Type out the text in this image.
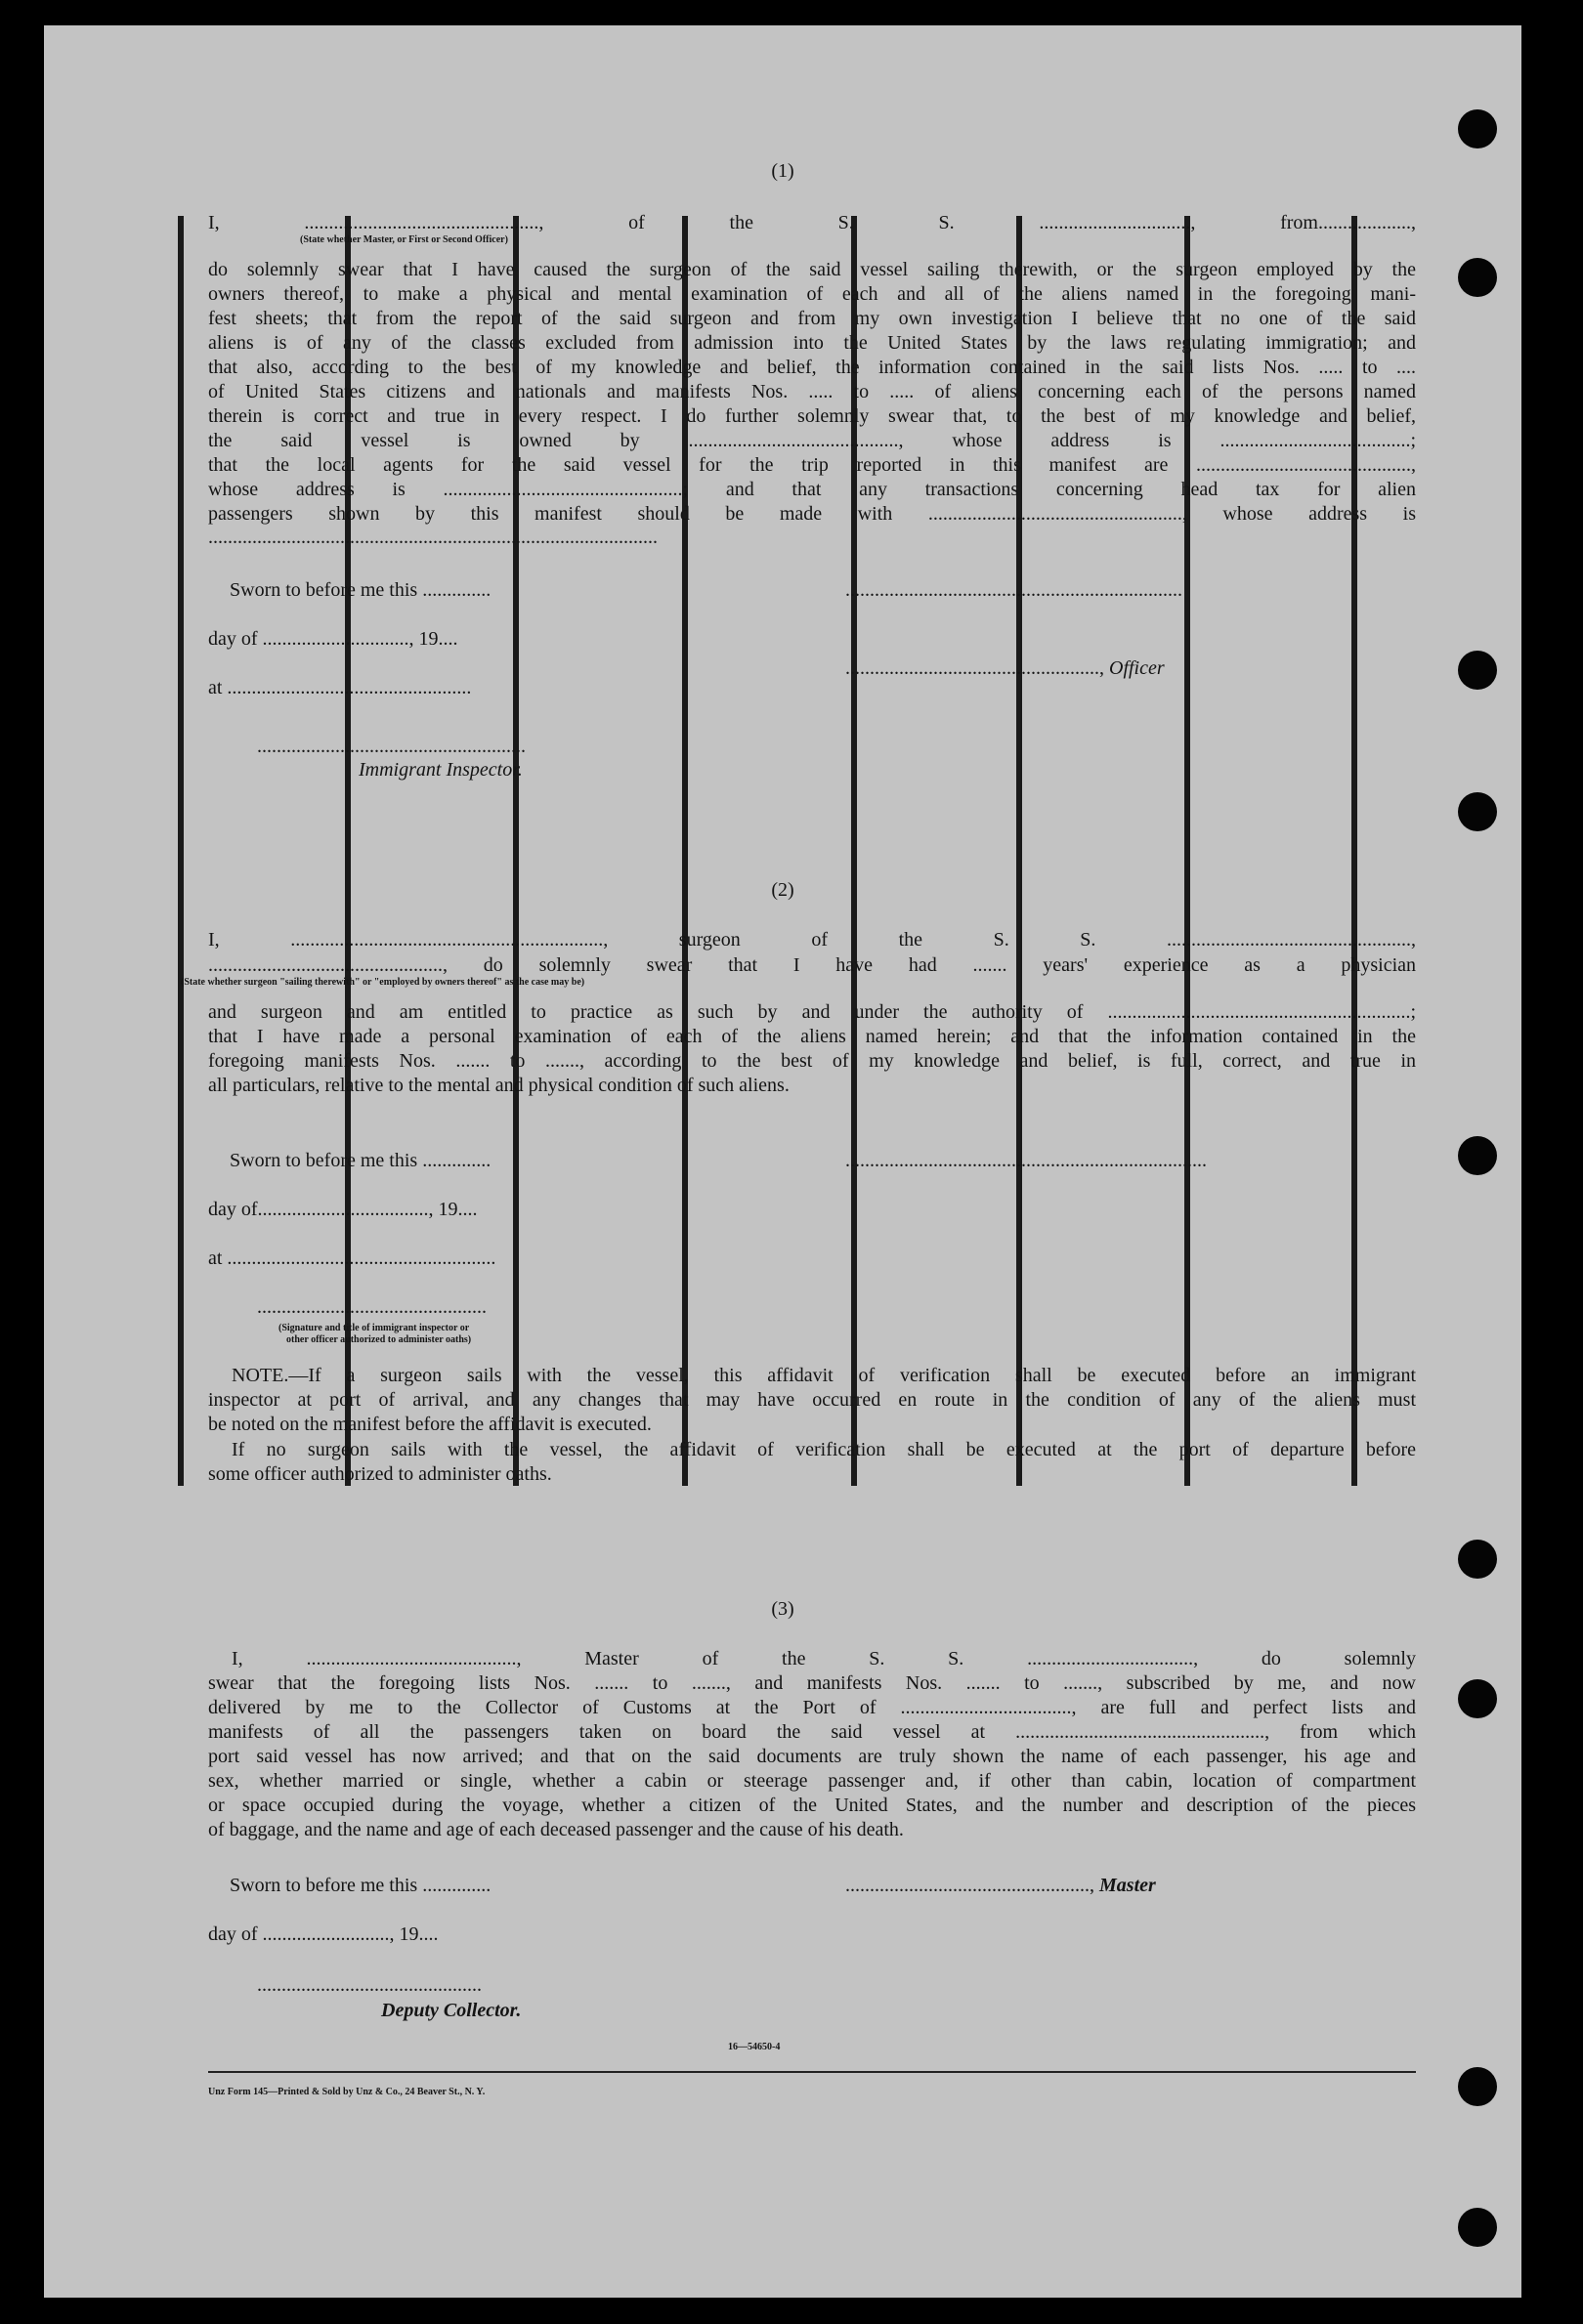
(1)
I, ................................................, of the S. S. ..............................., from...................,
(State whether Master, or First or Second Officer)
do solemnly swear that I have caused the surgeon of the said vessel sailing therewith, or the surgeon employed by the
owners thereof, to make a physical and mental examination of each and all of the aliens named in the foregoing mani-
fest sheets; that from the report of the said surgeon and from my own investigation I believe that no one of the said
aliens is of any of the classes excluded from admission into the United States by the laws regulating immigration; and
that also, according to the best of my knowledge and belief, the information contained in the said lists Nos. ..... to ....
of United States citizens and nationals and manifests Nos. ..... to ..... of aliens concerning each of the persons named
therein is correct and true in every respect. I do further solemnly swear that, to the best of my knowledge and belief,
the said vessel is owned by ..........................................., whose address is .......................................;
that the local agents for the said vessel for the trip reported in this manifest are ............................................,
whose address is .................................................; and that any transactions concerning head tax for alien
passengers shown by this manifest should be made with ...................................................., whose address is
............................................................................................
Sworn to before me this ..............	.....................................................................
day of .............................., 19....
...................................................., Officer
at ..................................................
.......................................................
Immigrant Inspector.
(2)
I, ................................................................, surgeon of the S. S. ..................................................,
................................................, do solemnly swear that I have had ....... years' experience as a physician
(State whether surgeon "sailing therewith" or "employed by owners thereof" as the case may be)
and surgeon and am entitled to practice as such by and under the authority of ..............................................................;
that I have made a personal examination of each of the aliens named herein; and that the information contained in the
foregoing manifests Nos. ....... to ......., according to the best of my knowledge and belief, is full, correct, and true in
all particulars, relative to the mental and physical condition of such aliens.
Sworn to before me this ..............	..........................................................................
day of..................................., 19....
at .......................................................
...............................................
(Signature and title of immigrant inspector or
other officer authorized to administer oaths)
NOTE.—If a surgeon sails with the vessel, this affidavit of verification shall be executed before an immigrant
inspector at port of arrival, and any changes that may have occurred en route in the condition of any of the aliens must
be noted on the manifest before the affidavit is executed.
If no surgeon sails with the vessel, the affidavit of verification shall be executed at the port of departure before
some officer authorized to administer oaths.
(3)
I, ..........................................., Master of the S. S. .................................., do solemnly
swear that the foregoing lists Nos. ....... to ......., and manifests Nos. ....... to ......., subscribed by me, and now
delivered by me to the Collector of Customs at the Port of ..................................., are full and perfect lists and
manifests of all the passengers taken on board the said vessel at ..................................................., from which
port said vessel has now arrived; and that on the said documents are truly shown the name of each passenger, his age and
sex, whether married or single, whether a cabin or steerage passenger and, if other than cabin, location of compartment
or space occupied during the voyage, whether a citizen of the United States, and the number and description of the pieces
of baggage, and the name and age of each deceased passenger and the cause of his death.
Sworn to before me this ..............	.................................................., Master
day of .........................., 19....
..............................................
Deputy Collector.
16—54650-4
Unz Form 145—Printed & Sold by Unz & Co., 24 Beaver St., N. Y.
